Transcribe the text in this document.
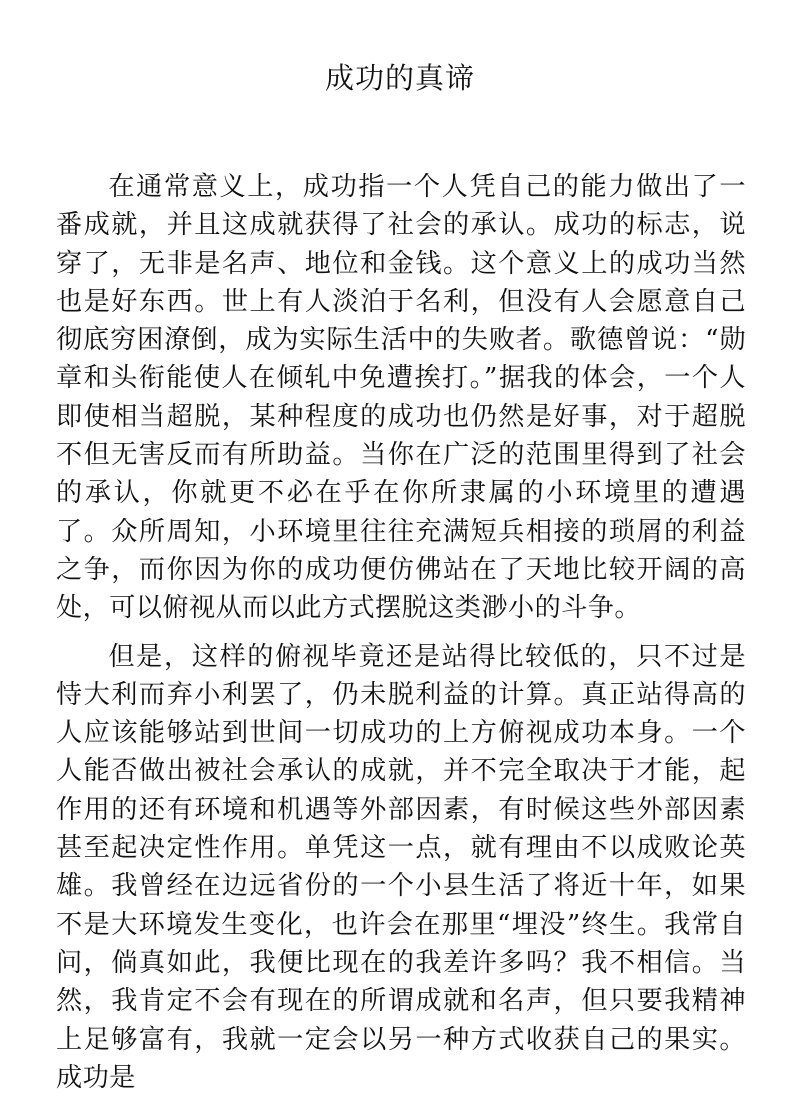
成功的真谛

在通常意义上，成功指一个人凭自己的能力做出了一番成就，并且这成就获得了社会的承认。成功的标志，说穿了，无非是名声、地位和金钱。这个意义上的成功当然也是好东西。世上有人淡泊于名利，但没有人会愿意自己彻底穷困潦倒，成为实际生活中的失败者。歌德曾说：“勋章和头衔能使人在倾轧中免遭挨打。”据我的体会，一个人即使相当超脱，某种程度的成功也仍然是好事，对于超脱不但无害反而有所助益。当你在广泛的范围里得到了社会的承认，你就更不必在乎在你所隶属的小环境里的遭遇了。众所周知，小环境里往往充满短兵相接的琐屑的利益之争，而你因为你的成功便仿佛站在了天地比较开阔的高处，可以俯视从而以此方式摆脱这类渺小的斗争。

但是，这样的俯视毕竟还是站得比较低的，只不过是恃大利而弃小利罢了，仍未脱利益的计算。真正站得高的人应该能够站到世间一切成功的上方俯视成功本身。一个人能否做出被社会承认的成就，并不完全取决于才能，起作用的还有环境和机遇等外部因素，有时候这些外部因素甚至起决定性作用。单凭这一点，就有理由不以成败论英雄。我曾经在边远省份的一个小县生活了将近十年，如果不是大环境发生变化，也许会在那里“埋没”终生。我常自问，倘真如此，我便比现在的我差许多吗？我不相信。当然，我肯定不会有现在的所谓成就和名声，但只要我精神上足够富有，我就一定会以另一种方式收获自己的果实。成功是
